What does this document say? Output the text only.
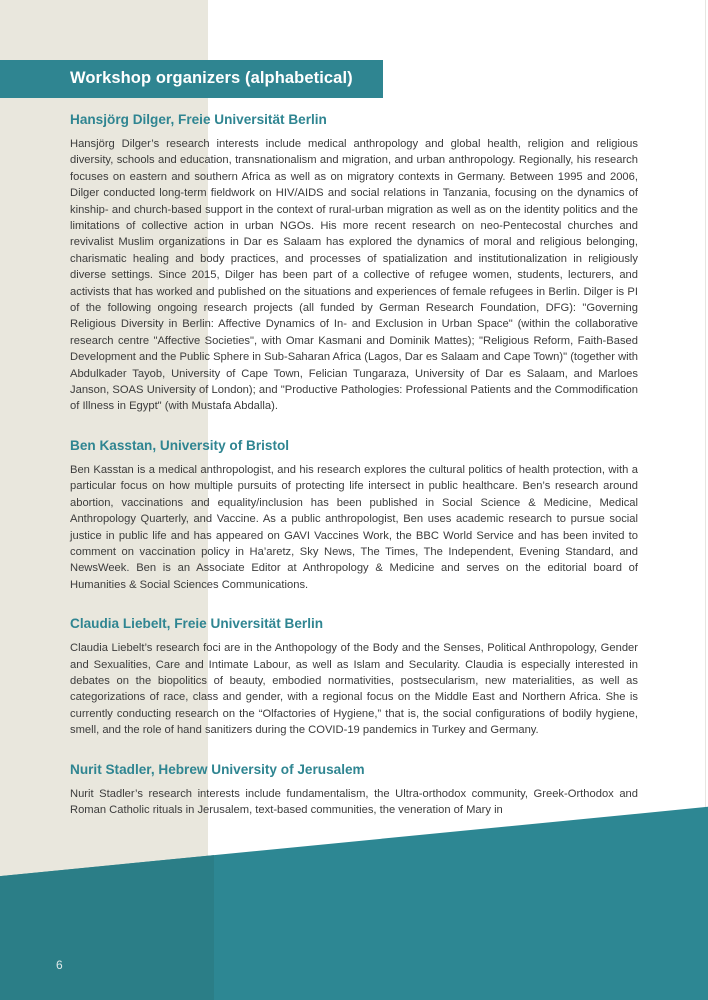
Workshop organizers (alphabetical)
Hansjörg Dilger, Freie Universität Berlin

Hansjörg Dilger’s research interests include medical anthropology and global health, religion and religious diversity, schools and education, transnationalism and migration, and urban anthropology. Regionally, his research focuses on eastern and southern Africa as well as on migratory contexts in Germany. Between 1995 and 2006, Dilger conducted long-term fieldwork on HIV/AIDS and social relations in Tanzania, focusing on the dynamics of kinship- and church-based support in the context of rural-urban migration as well as on the identity politics and the limitations of collective action in urban NGOs. His more recent research on neo-Pentecostal churches and revivalist Muslim organizations in Dar es Salaam has explored the dynamics of moral and religious belonging, charismatic healing and body practices, and processes of spatialization and institutionalization in religiously diverse settings. Since 2015, Dilger has been part of a collective of refugee women, students, lecturers, and activists that has worked and published on the situations and experiences of female refugees in Berlin. Dilger is PI of the following ongoing research projects (all funded by German Research Foundation, DFG): "Governing Religious Diversity in Berlin: Affective Dynamics of In- and Exclusion in Urban Space" (within the collaborative research centre "Affective Societies", with Omar Kasmani and Dominik Mattes); "Religious Reform, Faith-Based Development and the Public Sphere in Sub-Saharan Africa (Lagos, Dar es Salaam and Cape Town)" (together with Abdulkader Tayob, University of Cape Town, Felician Tungaraza, University of Dar es Salaam, and Marloes Janson, SOAS University of London); and "Productive Pathologies: Professional Patients and the Commodification of Illness in Egypt" (with Mustafa Abdalla).

Ben Kasstan, University of Bristol

Ben Kasstan is a medical anthropologist, and his research explores the cultural politics of health protection, with a particular focus on how multiple pursuits of protecting life intersect in public healthcare. Ben’s research around abortion, vaccinations and equality/inclusion has been published in Social Science & Medicine, Medical Anthropology Quarterly, and Vaccine. As a public anthropologist, Ben uses academic research to pursue social justice in public life and has appeared on GAVI Vaccines Work, the BBC World Service and has been invited to comment on vaccination policy in Ha’aretz, Sky News, The Times, The Independent, Evening Standard, and NewsWeek. Ben is an Associate Editor at Anthropology & Medicine and serves on the editorial board of Humanities & Social Sciences Communications.

Claudia Liebelt, Freie Universität Berlin

Claudia Liebelt’s research foci are in the Anthopology of the Body and the Senses, Political Anthropology, Gender and Sexualities, Care and Intimate Labour, as well as Islam and Secularity. Claudia is especially interested in debates on the biopolitics of beauty, embodied normativities, postsecularism, new materialities, as well as categorizations of race, class and gender, with a regional focus on the Middle East and Northern Africa. She is currently conducting research on the “Olfactories of Hygiene,” that is, the social configurations of bodily hygiene, smell, and the role of hand sanitizers during the COVID-19 pandemics in Turkey and Germany.

Nurit Stadler, Hebrew University of Jerusalem

Nurit Stadler’s research interests include fundamentalism, the Ultra-orthodox community, Greek-Orthodox and Roman Catholic rituals in Jerusalem, text-based communities, the veneration of Mary in

6
